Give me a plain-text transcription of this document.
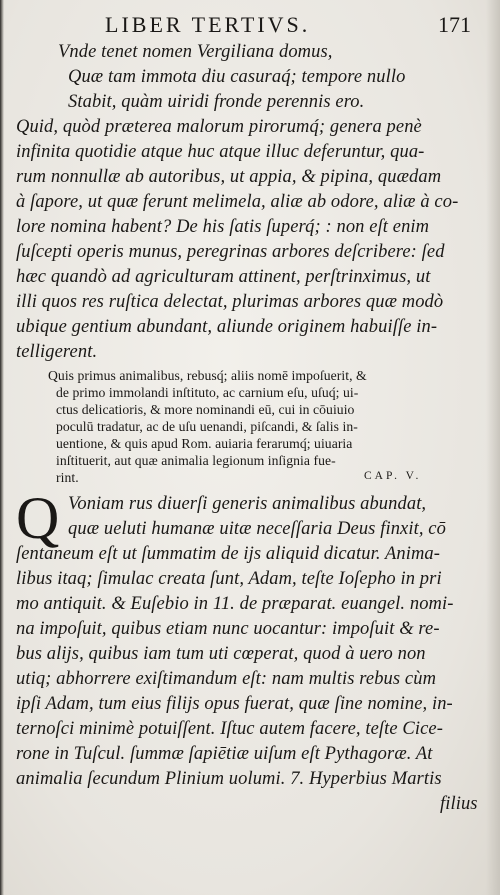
LIBER TERTIVS.	171
Vnde tenet nomen Vergiliana domus,
Quæ tam immota diu casuraq́; tempore nullo
Stabit, quàm uiridi fronde perennis ero.
Quid, quòd præterea malorum pirorumq́; genera penè
infinita quotidie atque huc atque illuc deferuntur, qua-
rum nonnullæ ab autoribus, ut appia, & pipina, quædam
à ſapore, ut quæ ferunt melimela, aliæ ab odore, aliæ à co-
lore nomina habent? De his ſatis ſuperq́; : non eſt enim
ſuſcepti operis munus, peregrinas arbores deſcribere: ſed
hæc quandò ad agriculturam attinent, perſtrinximus, ut
illi quos res ruſtica delectat, plurimas arbores quæ modò
ubique gentium abundant, aliunde originem habuiſſe in-
telligerent.
Quis primus animalibus, rebusq́; aliis nomē impoſuerit, &
de primo immolandi inſtituto, ac carnium eſu, uſuq́; ui-
ctus delicatioris, & more nominandi eū, cui in cōuiuio
poculū tradatur, ac de uſu uenandi, piſcandi, & ſalis in-
uentione, & quis apud Rom. auiaria ferarumq́; uiuaria
inſtituerit, aut quæ animalia legionum inſignia fue-
rint.	CAP. V.
Q Voniam rus diuerſi generis animalibus abundat,
quæ ueluti humanæ uitæ neceſſaria Deus finxit, cō
ſentaneum eſt ut ſummatim de ijs aliquid dicatur. Anima-
libus itaq; ſimulac creata ſunt, Adam, teſte Ioſepho in pri
mo antiquit. & Euſebio in 11. de præparat. euangel. nomi-
na impoſuit, quibus etiam nunc uocantur: impoſuit & re-
bus alijs, quibus iam tum uti cœperat, quod à uero non
utiq; abhorrere exiſtimandum eſt: nam multis rebus cùm
ipſi Adam, tum eius filijs opus fuerat, quæ ſine nomine, in-
ternoſci minimè potuiſſent. Iſtuc autem facere, teſte Cice-
rone in Tuſcul. ſummæ ſapiētiæ uiſum eſt Pythagoræ. At
animalia ſecundum Plinium uolumi. 7. Hyperbius Martis
filius
